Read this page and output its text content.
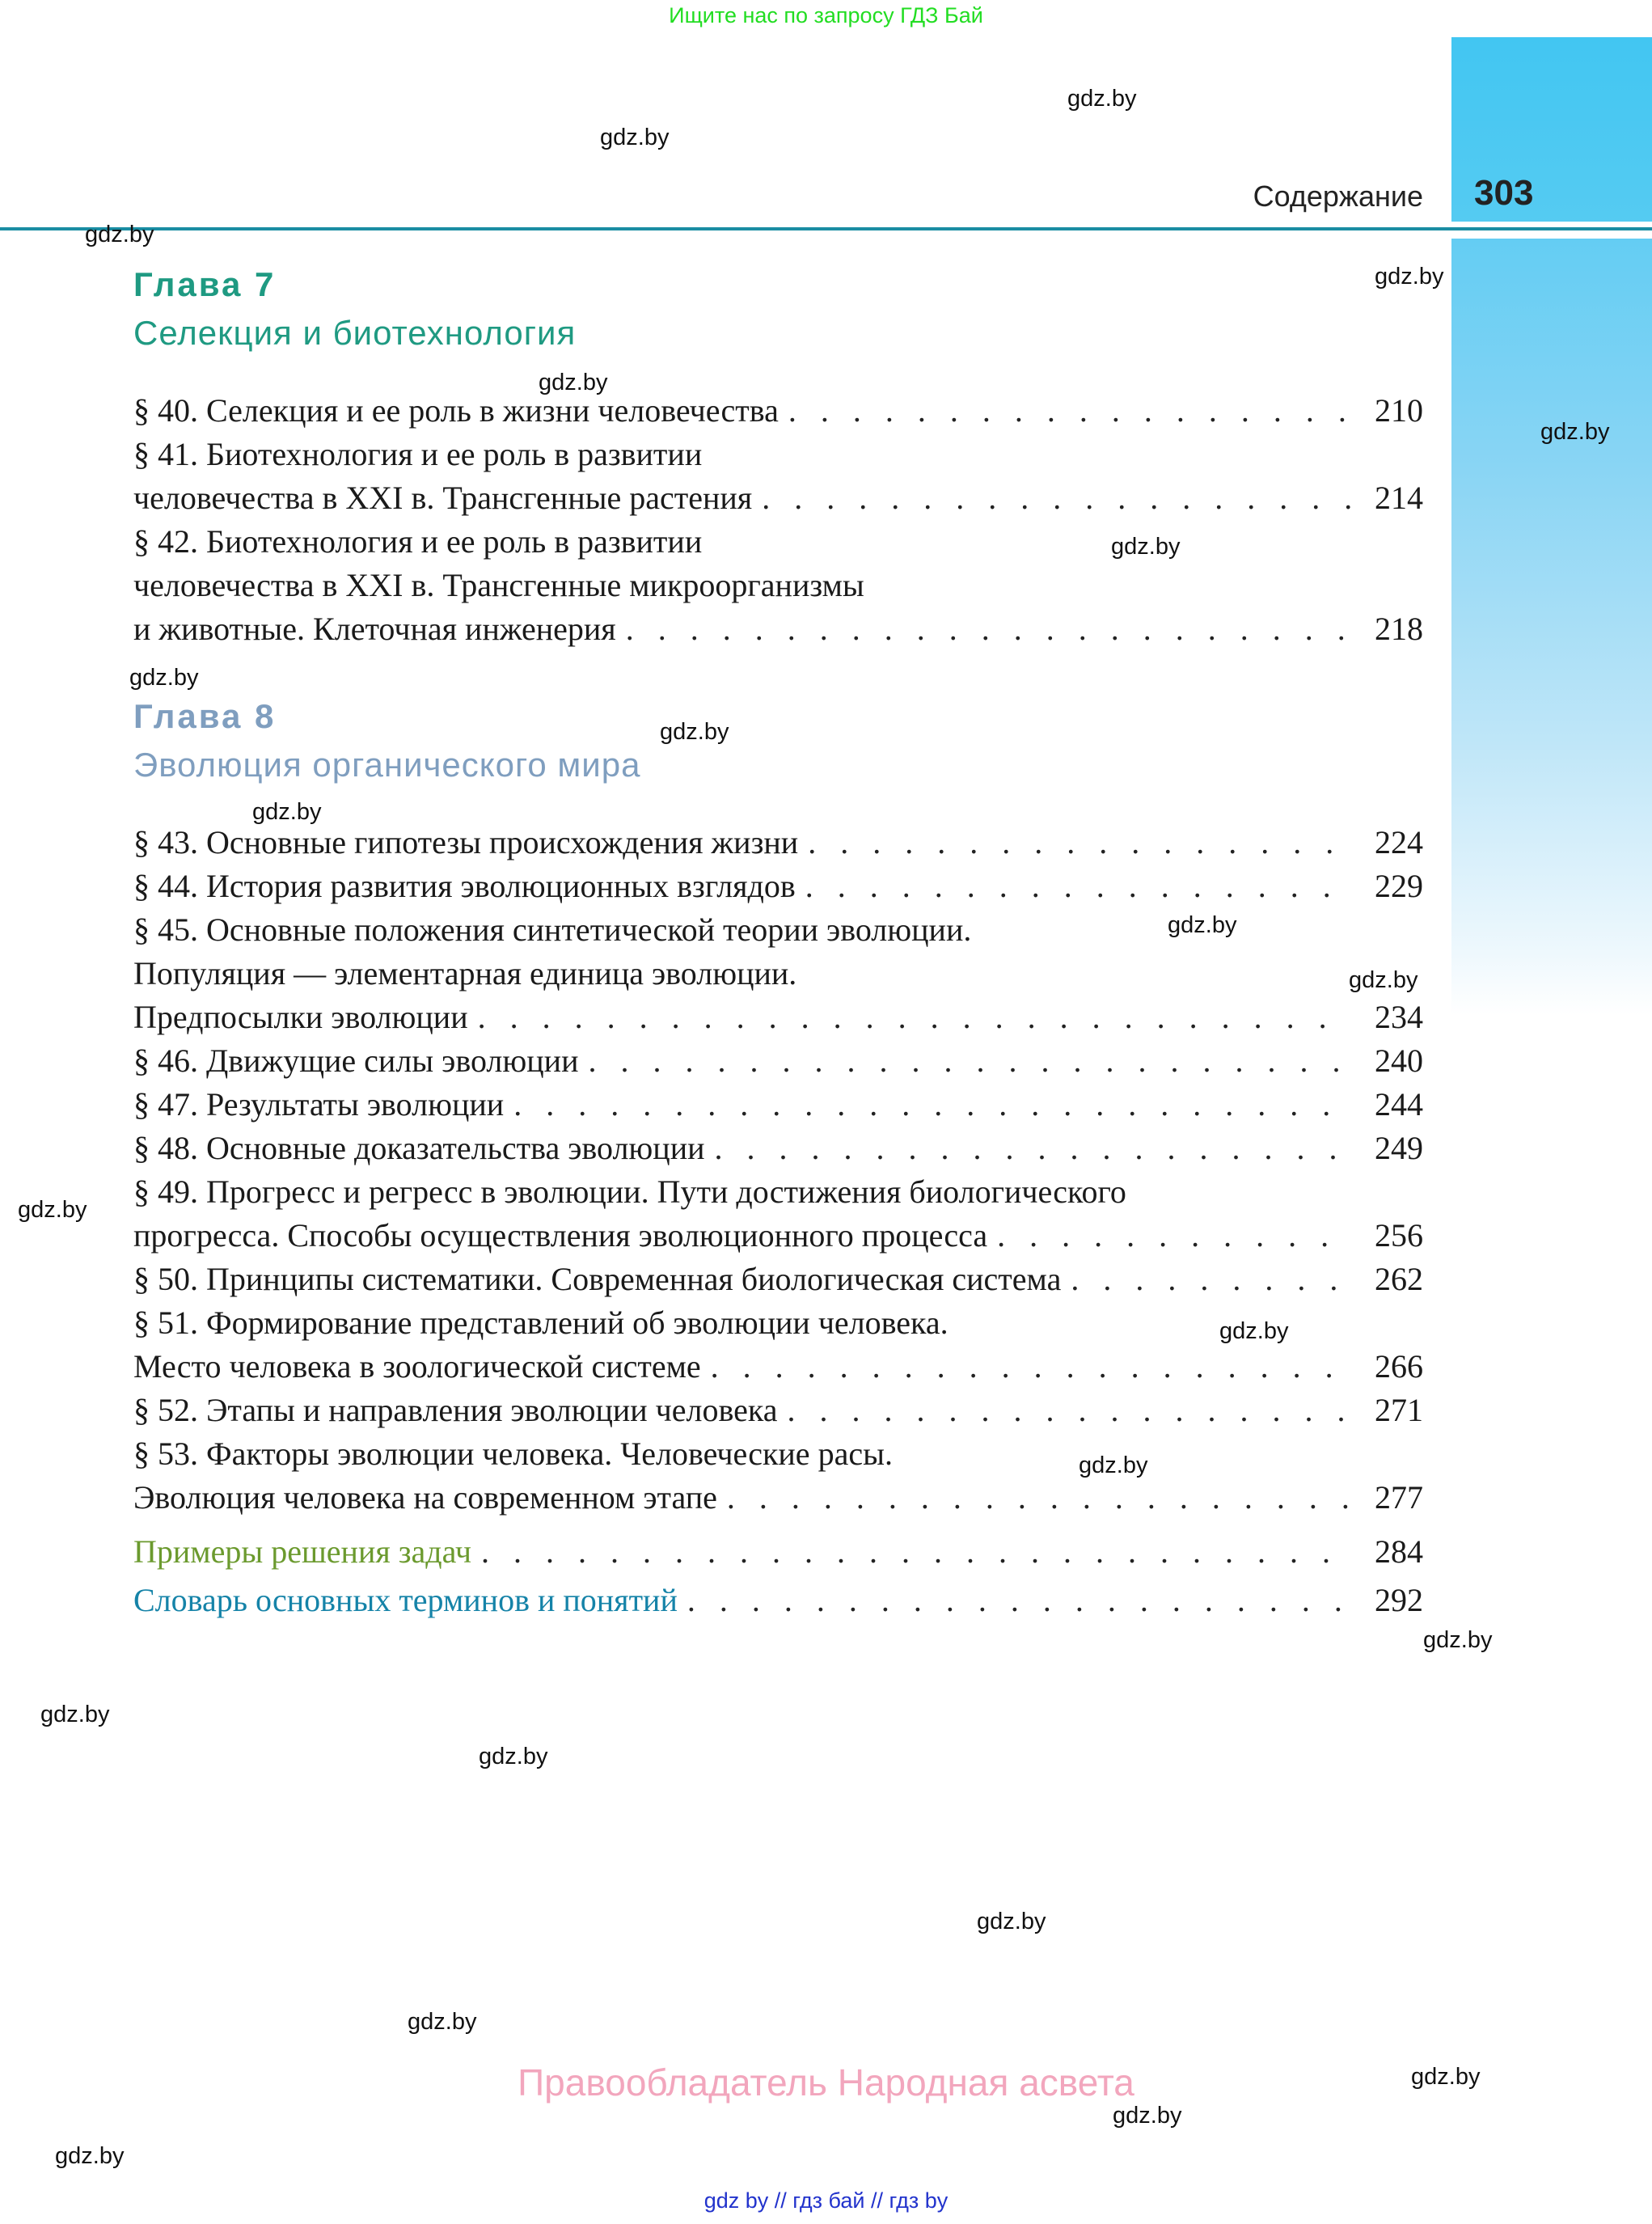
Ищите нас по запросу ГДЗ Бай
Содержание 303
Глава 7
Селекция и биотехнология
§ 40. Селекция и ее роль в жизни человечества . . .	210
§ 41. Биотехнология и ее роль в развитии
человечества в XXI в. Трансгенные растения . . .	214
§ 42. Биотехнология и ее роль в развитии
человечества в XXI в. Трансгенные микроорганизмы
и животные. Клеточная инженерия . . .	218
Глава 8
Эволюция органического мира
§ 43. Основные гипотезы происхождения жизни . . .	224
§ 44. История развития эволюционных взглядов . . .	229
§ 45. Основные положения синтетической теории эволюции.
Популяция — элементарная единица эволюции.
Предпосылки эволюции . . .	234
§ 46. Движущие силы эволюции . . .	240
§ 47. Результаты эволюции . . .	244
§ 48. Основные доказательства эволюции . . .	249
§ 49. Прогресс и регресс в эволюции. Пути достижения биологического
прогресса. Способы осуществления эволюционного процесса . . .	256
§ 50. Принципы систематики. Современная биологическая система . . .	262
§ 51. Формирование представлений об эволюции человека.
Место человека в зоологической системе . . .	266
§ 52. Этапы и направления эволюции человека . . .	271
§ 53. Факторы эволюции человека. Человеческие расы.
Эволюция человека на современном этапе . . .	277
Примеры решения задач . . .	284
Словарь основных терминов и понятий . . .	292
gdz.by
gdz.by
gdz.by
gdz.by
gdz.by
gdz.by
gdz.by
gdz.by
gdz.by
gdz.by
gdz.by
gdz.by
gdz.by
gdz.by
gdz.by
gdz.by
gdz.by
gdz.by
gdz.by
gdz.by
gdz.by
gdz.by
gdz.by
Правообладатель Народная асвета
gdz by // гдз бай // гдз by
